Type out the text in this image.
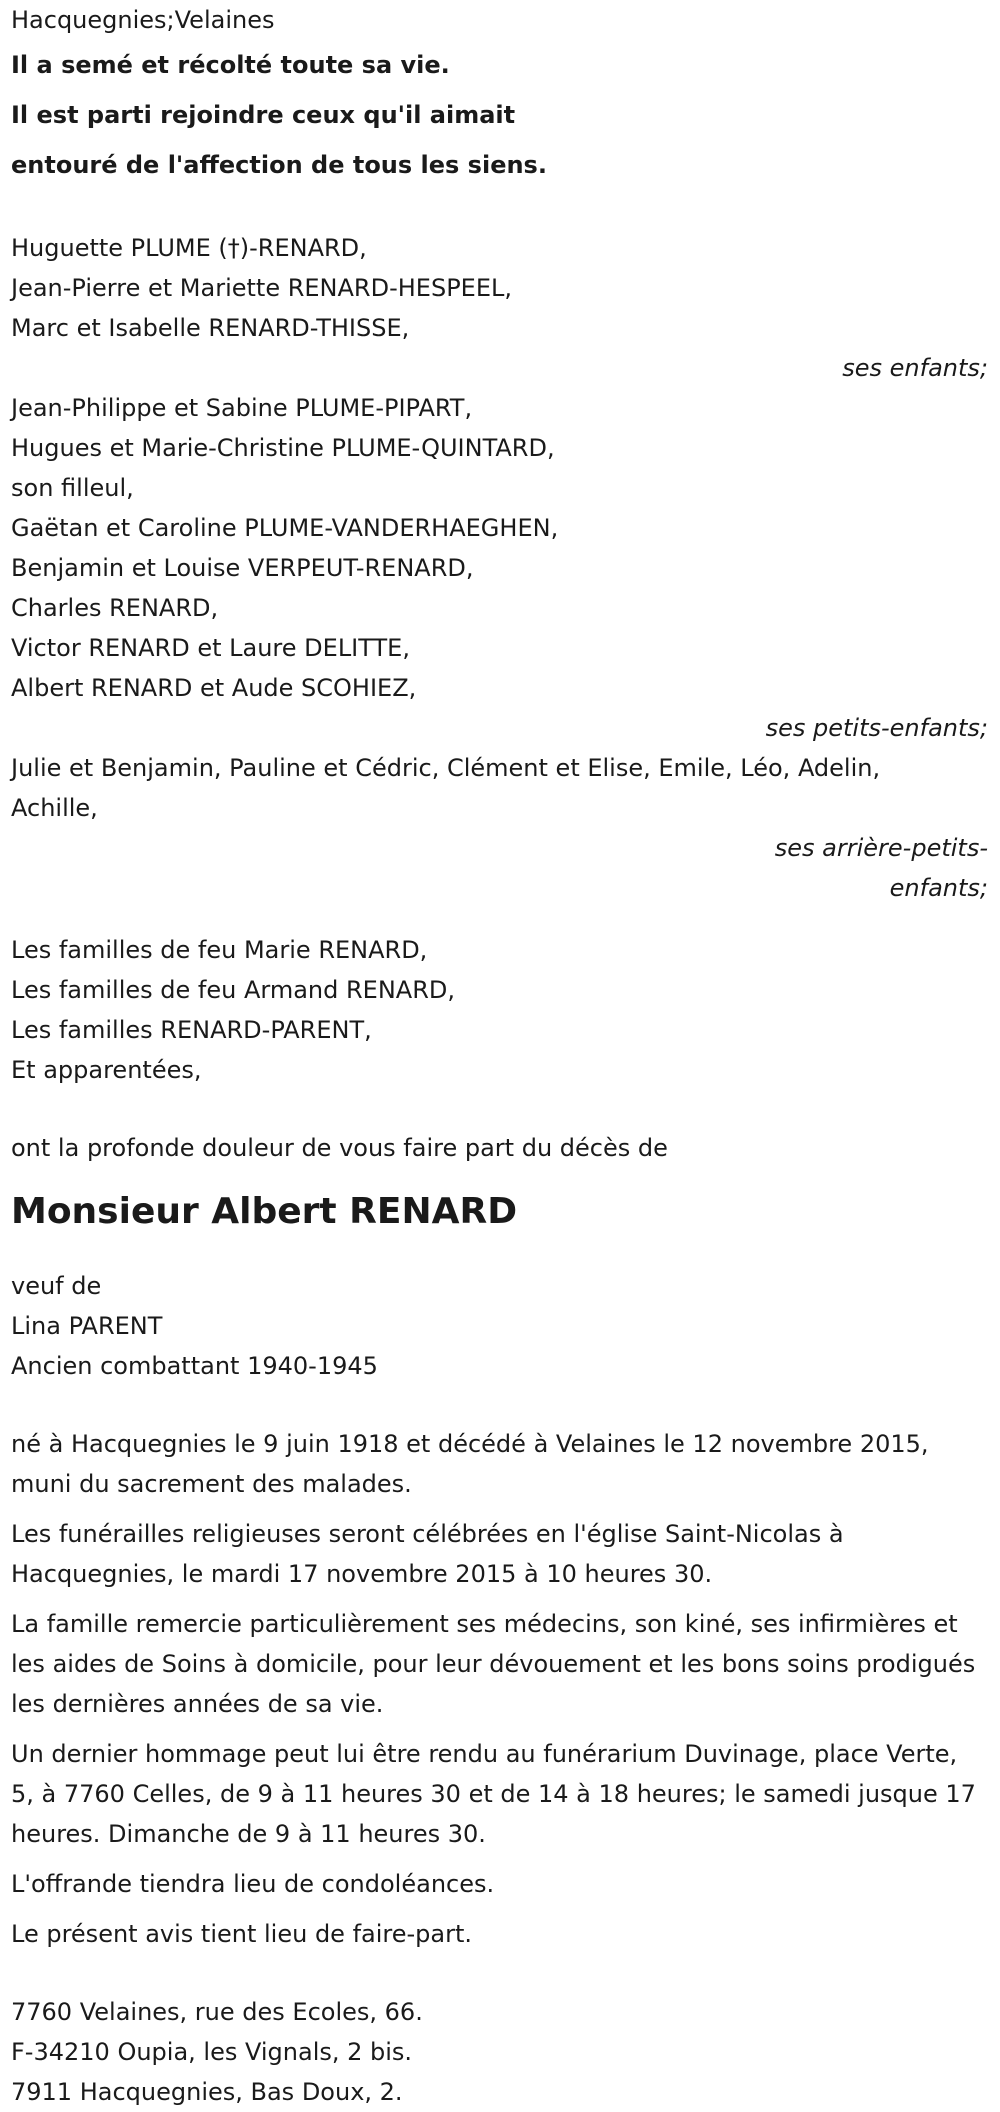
Hacquegnies;Velaines
Il a semé et récolté toute sa vie.
Il est parti rejoindre ceux qu'il aimait
entouré de l'affection de tous les siens.
Huguette PLUME (†)-RENARD,
Jean-Pierre et Mariette RENARD-HESPEEL,
Marc et Isabelle RENARD-THISSE,
ses enfants;
Jean-Philippe et Sabine PLUME-PIPART,
Hugues et Marie-Christine PLUME-QUINTARD,
son filleul,
Gaëtan et Caroline PLUME-VANDERHAEGHEN,
Benjamin et Louise VERPEUT-RENARD,
Charles RENARD,
Victor RENARD et Laure DELITTE,
Albert RENARD et Aude SCOHIEZ,
ses petits-enfants;
Julie et Benjamin, Pauline et Cédric, Clément et Elise, Emile, Léo, Adelin,
Achille,
ses arrière-petits-
enfants;
Les familles de feu Marie RENARD,
Les familles de feu Armand RENARD,
Les familles RENARD-PARENT,
Et apparentées,
ont la profonde douleur de vous faire part du décès de
Monsieur Albert RENARD
veuf de
Lina PARENT
Ancien combattant 1940-1945

né à Hacquegnies le 9 juin 1918 et décédé à Velaines le 12 novembre 2015, muni du sacrement des malades.

Les funérailles religieuses seront célébrées en l'église Saint-Nicolas à Hacquegnies, le mardi 17 novembre 2015 à 10 heures 30.

La famille remercie particulièrement ses médecins, son kiné, ses infirmières et les aides de Soins à domicile, pour leur dévouement et les bons soins prodigués les dernières années de sa vie.

Un dernier hommage peut lui être rendu au funérarium Duvinage, place Verte, 5, à 7760 Celles, de 9 à 11 heures 30 et de 14 à 18 heures; le samedi jusque 17 heures. Dimanche de 9 à 11 heures 30.

L'offrande tiendra lieu de condoléances.

Le présent avis tient lieu de faire-part.

7760 Velaines, rue des Ecoles, 66.
F-34210 Oupia, les Vignals, 2 bis.
7911 Hacquegnies, Bas Doux, 2.
